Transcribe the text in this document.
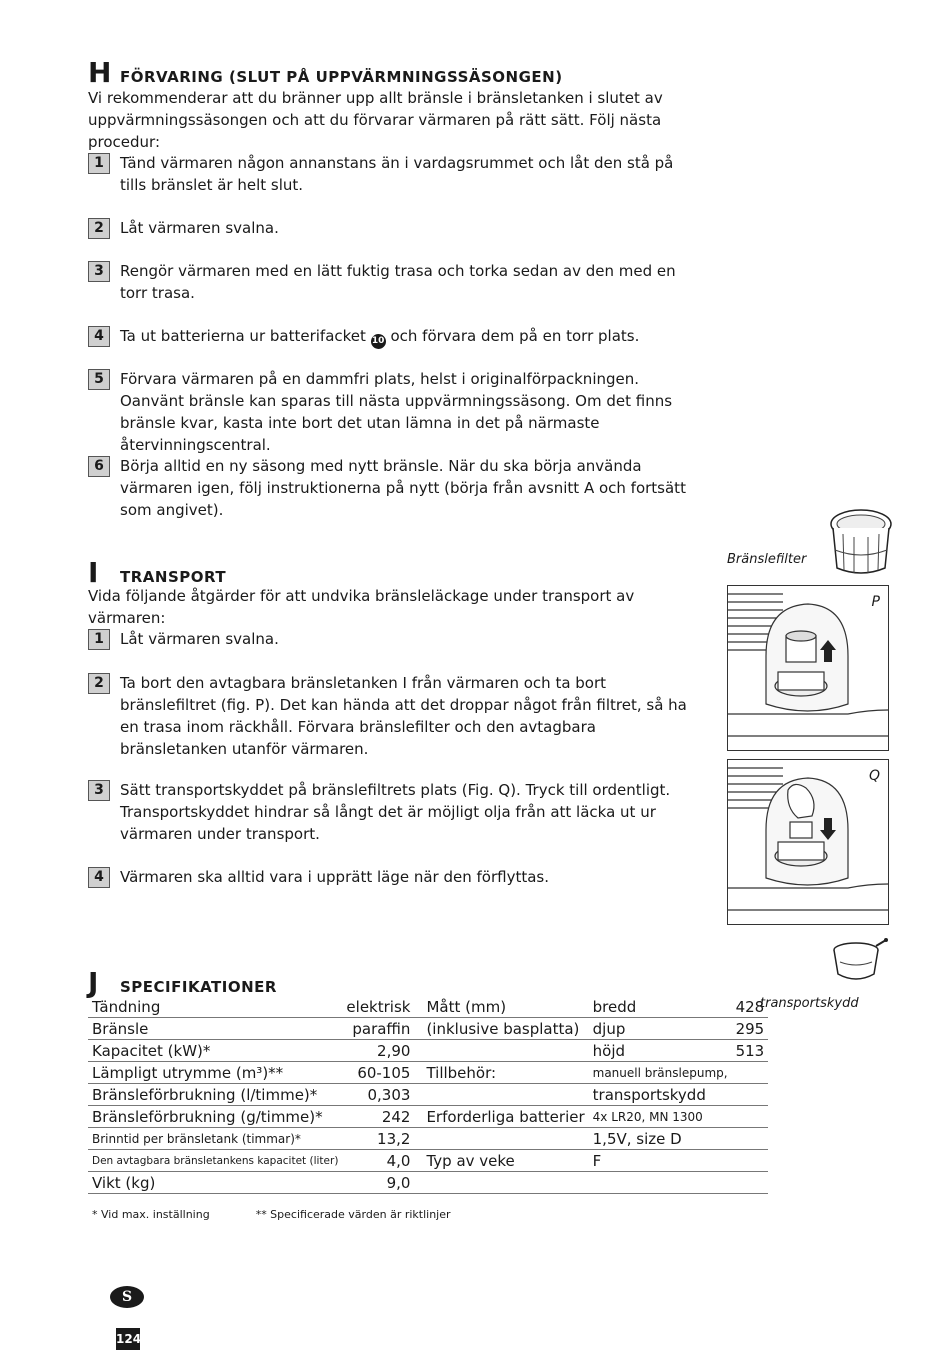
H FÖRVARING (SLUT PÅ UPPVÄRMNINGSSÄSONGEN)
Vi rekommenderar att du bränner upp allt bränsle i bränsletanken i slutet av uppvärmningssäsongen och att du förvarar värmaren på rätt sätt. Följ nästa procedur:
1	Tänd värmaren någon annanstans än i vardagsrummet och låt den stå på tills bränslet är helt slut.
2	Låt värmaren svalna.
3	Rengör värmaren med en lätt fuktig trasa och torka sedan av den med en torr trasa.
4	Ta ut batterierna ur batterifacket 10 och förvara dem på en torr plats.
5	Förvara värmaren på en dammfri plats, helst i originalförpackningen. Oanvänt bränsle kan sparas till nästa uppvärmningssäsong. Om det finns bränsle kvar, kasta inte bort det utan lämna in det på närmaste återvinningscentral.
6	Börja alltid en ny säsong med nytt bränsle. När du ska börja använda värmaren igen, följ instruktionerna på nytt (börja från avsnitt A och fortsätt som angivet).
I	TRANSPORT
Vida följande åtgärder för att undvika bränsleläckage under transport av värmaren:
1	Låt värmaren svalna.
2	Ta bort den avtagbara bränsletanken I från värmaren och ta bort bränslefiltret (fig. P). Det kan hända att det droppar något från filtret, så ha en trasa inom räckhåll. Förvara bränslefilter och den avtagbara bränsletanken utanför värmaren.
3	Sätt transportskyddet på bränslefiltrets plats (Fig. Q). Tryck till ordentligt. Transportskyddet hindrar så långt det är möjligt olja från att läcka ut ur värmaren under transport.
4	Värmaren ska alltid vara i upprätt läge när den förflyttas.
J	SPECIFIKATIONER
Tändning	elektrisk		Mått (mm)	bredd	428
Bränsle	paraffin		(inklusive basplatta)	djup	295
Kapacitet (kW)*	2,90			höjd	513
Lämpligt utrymme (m³)**	60-105		Tillbehör:	manuell bränslepump,	
Bränsleförbrukning (l/timme)*	0,303			transportskydd	
Bränsleförbrukning (g/timme)*	242		Erforderliga batterier	4x LR20, MN 1300	
Brinntid per bränsletank (timmar)*	13,2			1,5V, size D	
Den avtagbara bränsletankens kapacitet (liter)	4,0		Typ av veke	F	
Vikt (kg)	9,0				
* Vid max. inställning	** Specificerade värden är riktlinjer
Bränslefilter
P
Q
transportskydd
S
124
